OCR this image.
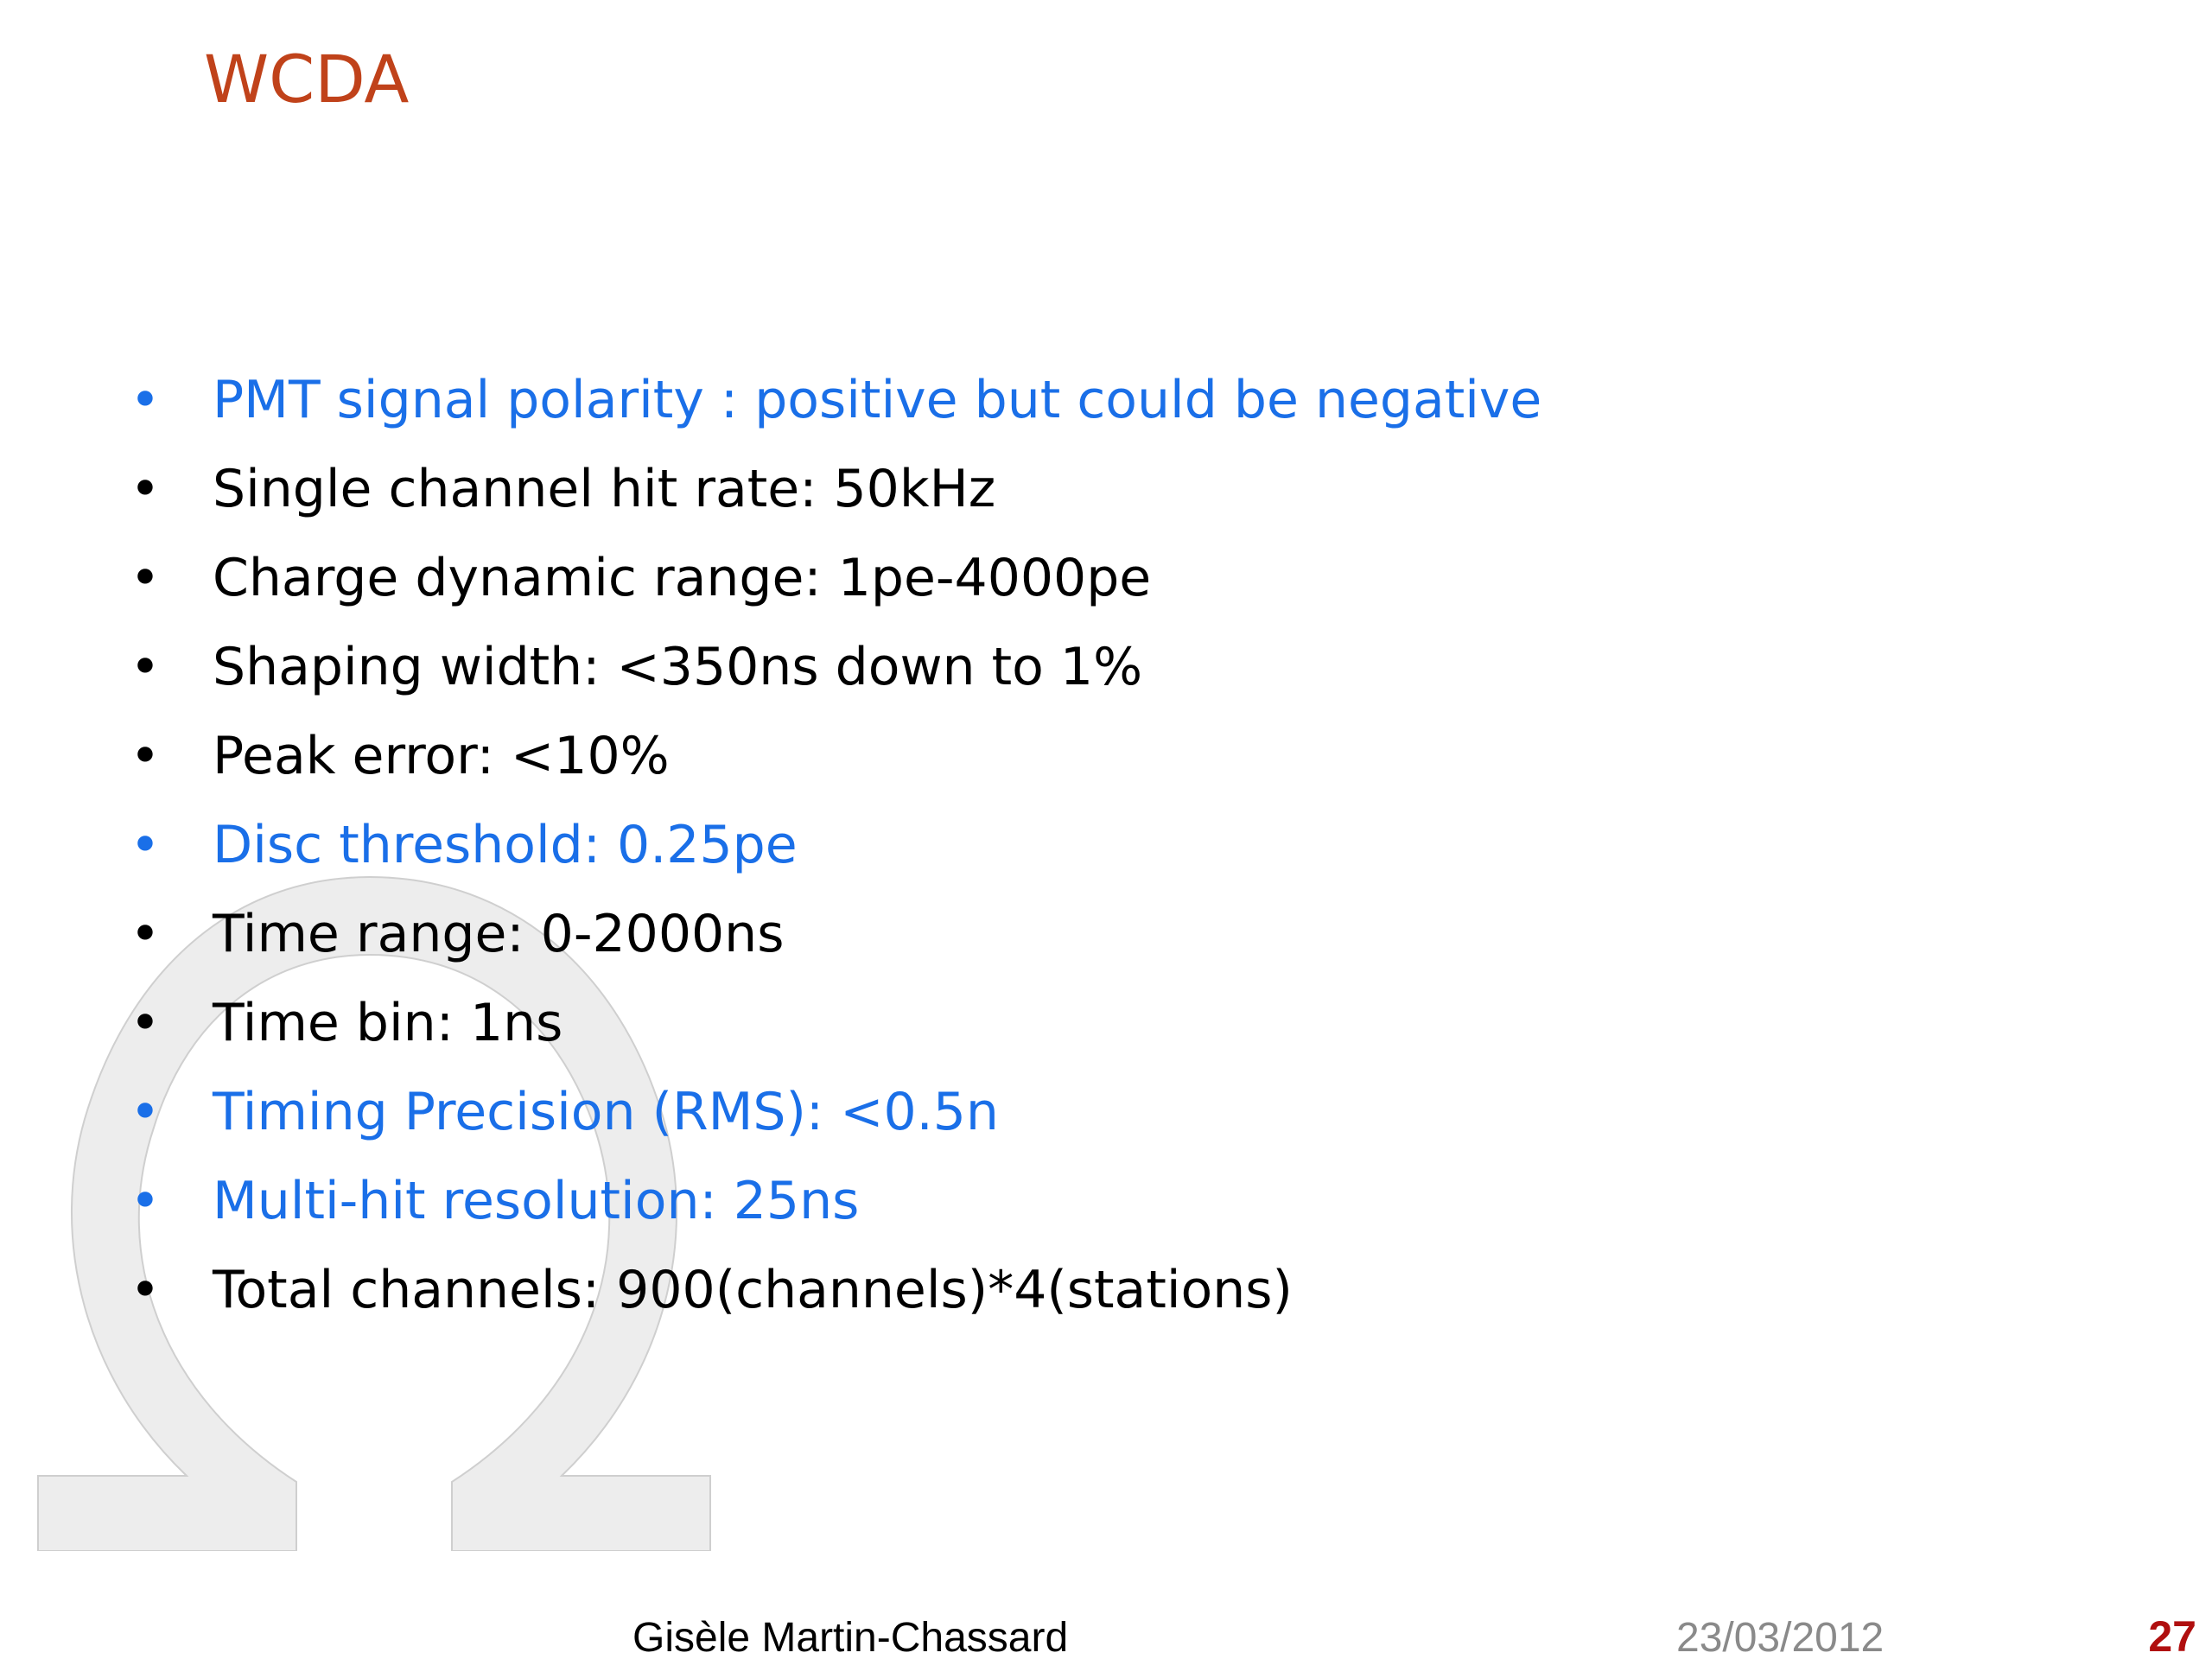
WCDA
• PMT signal polarity : positive but could be negative
• Single channel hit rate: 50kHz
• Charge dynamic range: 1pe-4000pe
• Shaping width: <350ns down to 1%
• Peak error: <10%
• Disc threshold: 0.25pe
• Time range: 0-2000ns
• Time bin: 1ns
• Timing Precision (RMS): <0.5n
• Multi-hit resolution: 25ns
• Total channels: 900(channels)*4(stations)
Gisèle Martin-Chassard	23/03/2012	27
